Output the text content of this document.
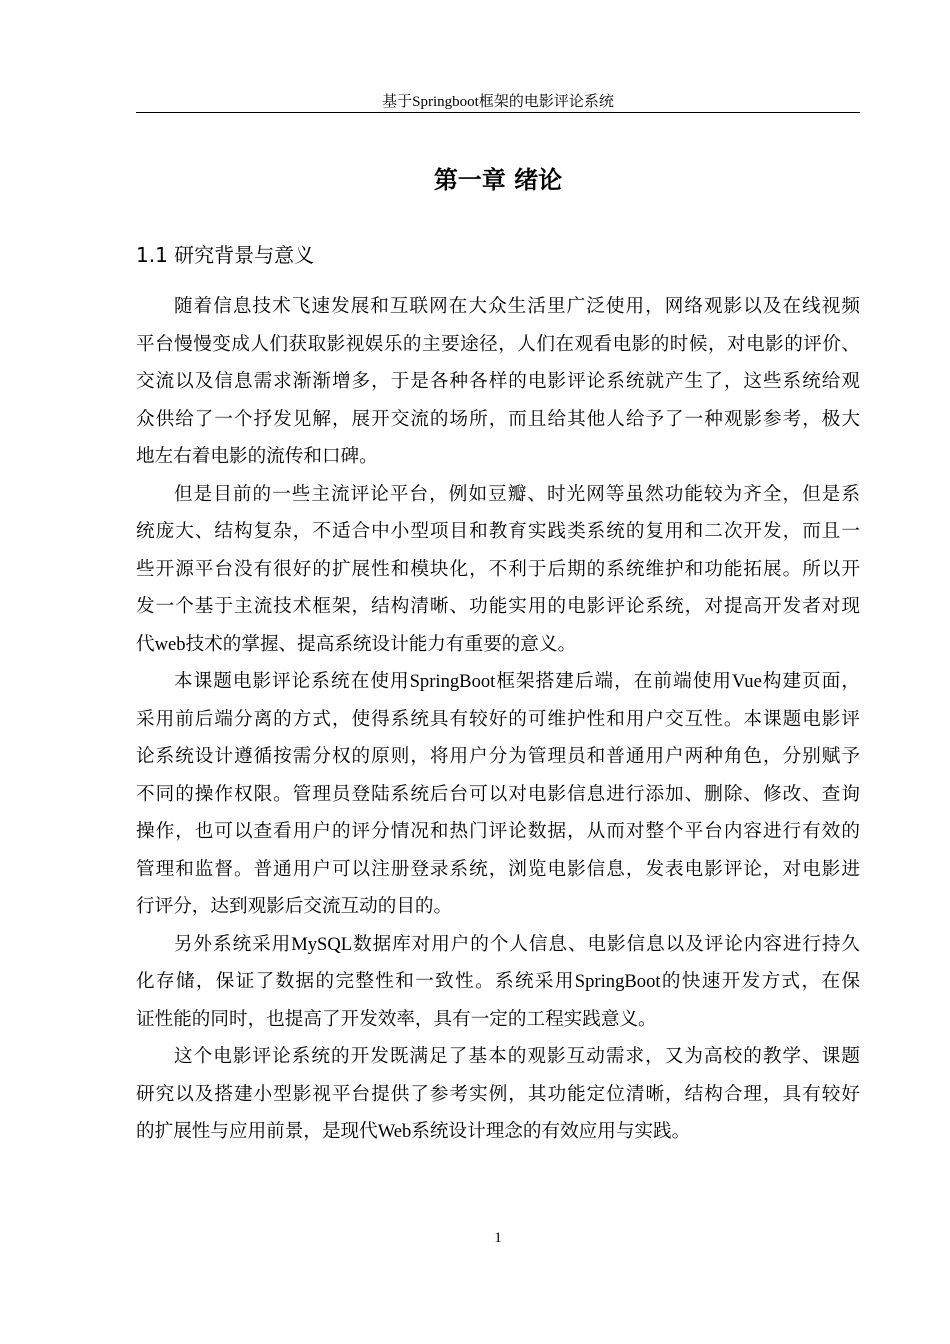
基于Springboot框架的电影评论系统
第一章 绪论
1.1 研究背景与意义
随着信息技术飞速发展和互联网在大众生活里广泛使用，网络观影以及在线视频
平台慢慢变成人们获取影视娱乐的主要途径，人们在观看电影的时候，对电影的评价、
交流以及信息需求渐渐增多，于是各种各样的电影评论系统就产生了，这些系统给观
众供给了一个抒发见解，展开交流的场所，而且给其他人给予了一种观影参考，极大
地左右着电影的流传和口碑。
但是目前的一些主流评论平台，例如豆瓣、时光网等虽然功能较为齐全，但是系
统庞大、结构复杂，不适合中小型项目和教育实践类系统的复用和二次开发，而且一
些开源平台没有很好的扩展性和模块化，不利于后期的系统维护和功能拓展。所以开
发一个基于主流技术框架，结构清晰、功能实用的电影评论系统，对提高开发者对现
代web技术的掌握、提高系统设计能力有重要的意义。
本课题电影评论系统在使用SpringBoot框架搭建后端，在前端使用Vue构建页面，
采用前后端分离的方式，使得系统具有较好的可维护性和用户交互性。本课题电影评
论系统设计遵循按需分权的原则，将用户分为管理员和普通用户两种角色，分别赋予
不同的操作权限。管理员登陆系统后台可以对电影信息进行添加、删除、修改、查询
操作，也可以查看用户的评分情况和热门评论数据，从而对整个平台内容进行有效的
管理和监督。普通用户可以注册登录系统，浏览电影信息，发表电影评论，对电影进
行评分，达到观影后交流互动的目的。
另外系统采用MySQL数据库对用户的个人信息、电影信息以及评论内容进行持久
化存储，保证了数据的完整性和一致性。系统采用SpringBoot的快速开发方式，在保
证性能的同时，也提高了开发效率，具有一定的工程实践意义。
这个电影评论系统的开发既满足了基本的观影互动需求，又为高校的教学、课题
研究以及搭建小型影视平台提供了参考实例，其功能定位清晰，结构合理，具有较好
的扩展性与应用前景，是现代Web系统设计理念的有效应用与实践。
1
